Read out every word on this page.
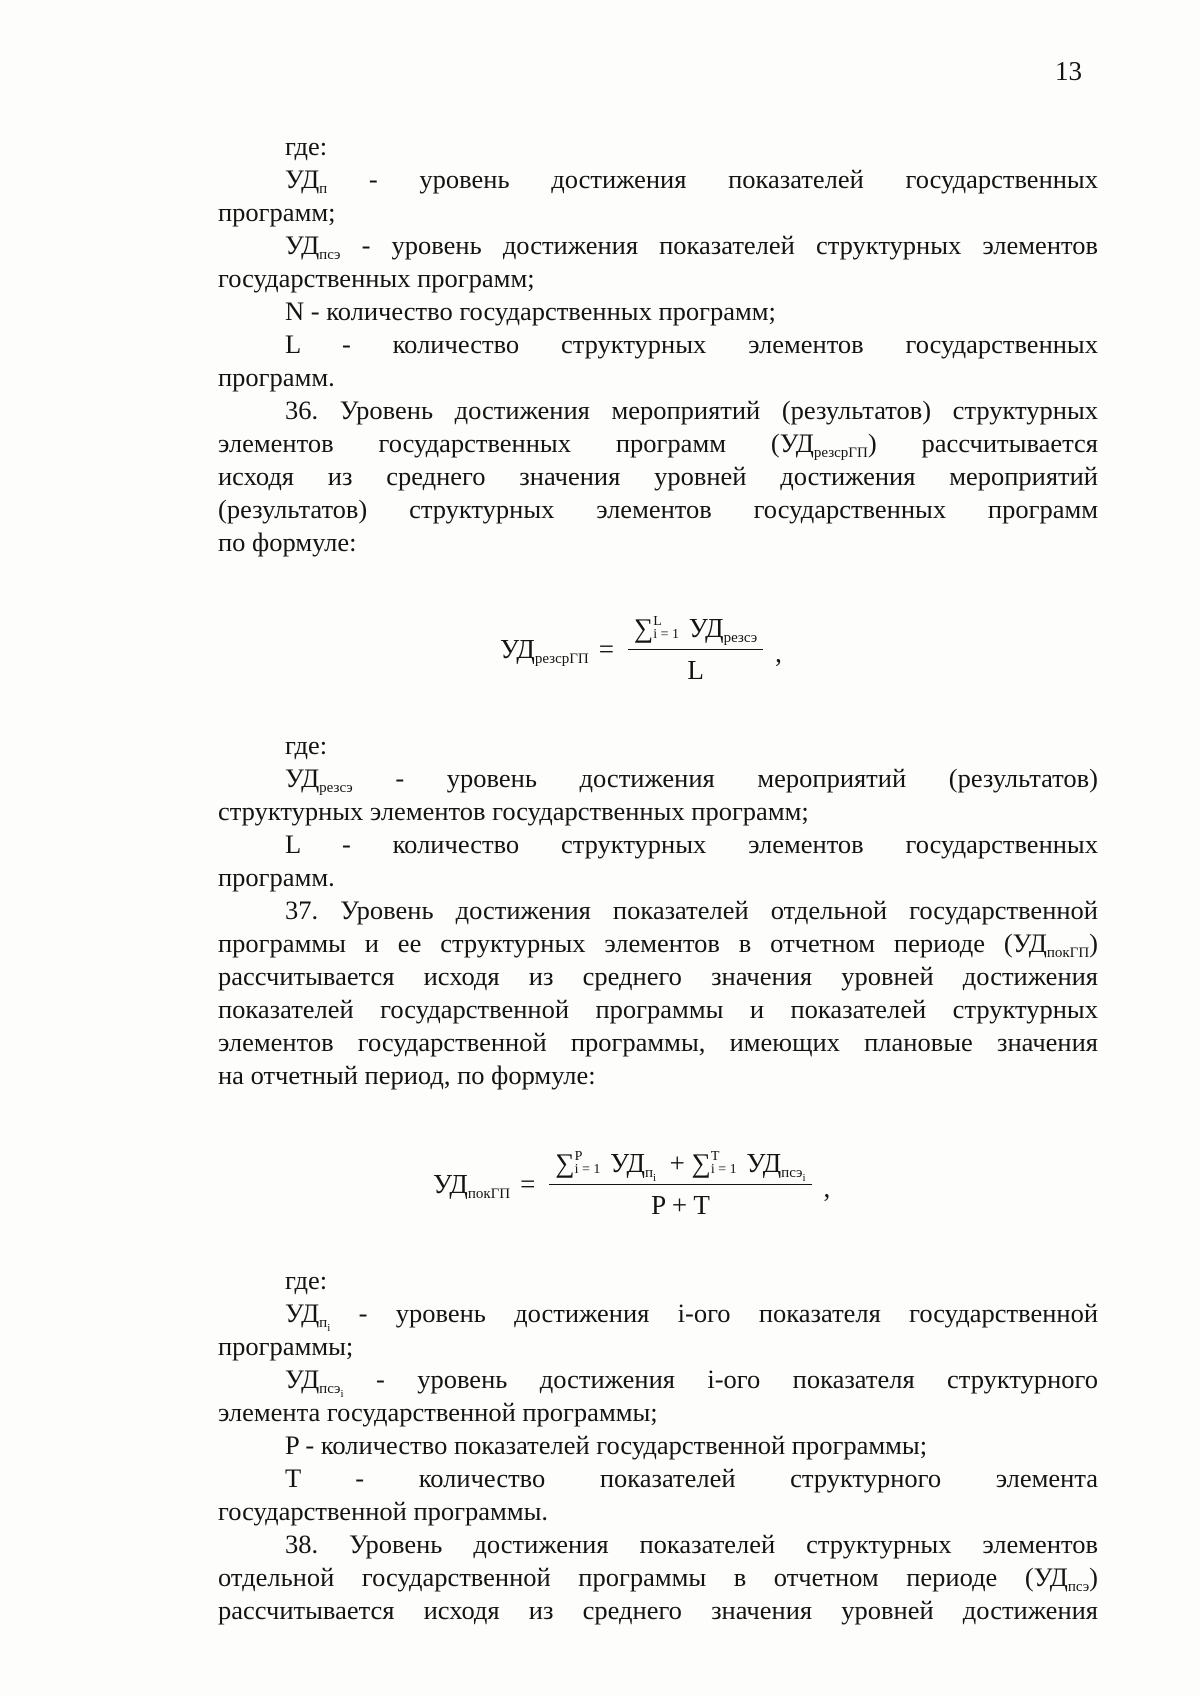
13

где:

$УД_п$ - уровень достижения показателей государственных

программ;

$УД_{псэ}$ - уровень достижения показателей структурных элементов

государственных программ;

N - количество государственных программ;

L - количество структурных элементов государственных

программ.

36. Уровень достижения мероприятий (результатов) структурных

элементов государственных программ $(УД_{резсрГП})$ рассчитывается

исходя из среднего значения уровней достижения мероприятий

(результатов) структурных элементов государственных программ

по формуле:

$УД_{резсрГП}$ = ∑ L
i = 1 $УД_{резсэ}$
L ,

где:

$УД_{резсэ}$ - уровень достижения мероприятий (результатов)

структурных элементов государственных программ;

L - количество структурных элементов государственных

программ.

37. Уровень достижения показателей отдельной государственной

программы и ее структурных элементов в отчетном периоде $(УД_{покГП})$

рассчитывается исходя из среднего значения уровней достижения

показателей государственной программы и показателей структурных

элементов государственной программы, имеющих плановые значения

на отчетный период, по формуле:

$УД_{покГП}$ = ∑ P
i = 1 $УД_{п_i}$ + ∑ T
i = 1 $УД_{псэ_i}$
P + T ,

где:

$УД_{п_i}$ - уровень достижения i-ого показателя государственной

программы;

$УД_{псэ_i}$ - уровень достижения i-ого показателя структурного

элемента государственной программы;

P - количество показателей государственной программы;

T - количество показателей структурного элемента

государственной программы.

38. Уровень достижения показателей структурных элементов

отдельной государственной программы в отчетном периоде $(УД_{псэ})$

рассчитывается исходя из среднего значения уровней достижения
